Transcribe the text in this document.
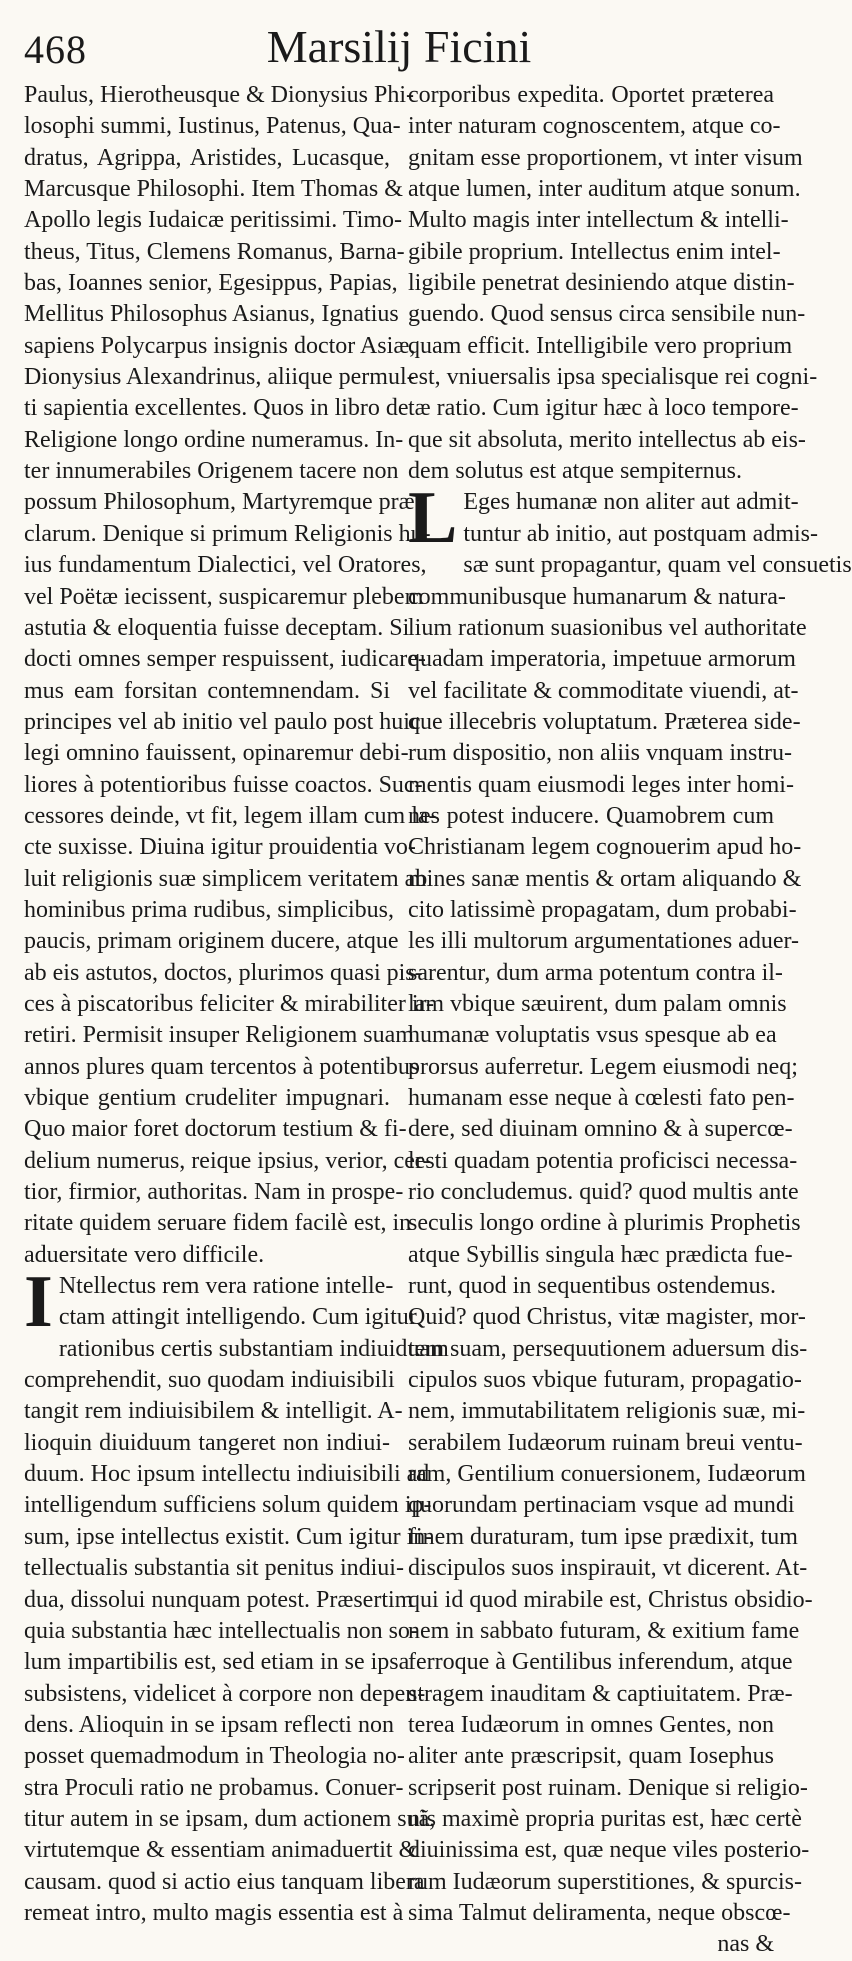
468	Marsilij Ficini
Paulus, Hierotheusque & Dionysius Phi-
losophi summi, Iustinus, Patenus, Qua-
dratus, Agrippa, Aristides, Lucasque,
Marcusque Philosophi. Item Thomas &
Apollo legis Iudaicæ peritissimi. Timo-
theus, Titus, Clemens Romanus, Barna-
bas, Ioannes senior, Egesippus, Papias,
Mellitus Philosophus Asianus, Ignatius
sapiens Polycarpus insignis doctor Asiæ,
Dionysius Alexandrinus, aliique permul-
ti sapientia excellentes. Quos in libro de
Religione longo ordine numeramus. In-
ter innumerabiles Origenem tacere non
possum Philosophum, Martyremque præ-
clarum. Denique si primum Religionis hu-
ius fundamentum Dialectici, vel Oratores,
vel Poëtæ iecissent, suspicaremur plebem
astutia & eloquentia fuisse deceptam. Si
docti omnes semper respuissent, iudicare-
mus eam forsitan contemnendam. Si
principes vel ab initio vel paulo post huic
legi omnino fauissent, opinaremur debi-
liores à potentioribus fuisse coactos. Suc-
cessores deinde, vt fit, legem illam cum la-
cte suxisse. Diuina igitur prouidentia vo-
luit religionis suæ simplicem veritatem ab
hominibus prima rudibus, simplicibus,
paucis, primam originem ducere, atque
ab eis astutos, doctos, plurimos quasi pis-
ces à piscatoribus feliciter & mirabiliter ir-
retiri. Permisit insuper Religionem suam
annos plures quam tercentos à potentibus
vbique gentium crudeliter impugnari.
Quo maior foret doctorum testium & fi-
delium numerus, reique ipsius, verior, cer-
tior, firmior, authoritas. Nam in prospe-
ritate quidem seruare fidem facilè est, in
aduersitate vero difficile.
I Ntellectus rem vera ratione intelle-
ctam attingit intelligendo. Cum igitur
rationibus certis substantiam indiuiduam
comprehendit, suo quodam indiuisibili
tangit rem indiuisibilem & intelligit. A-
lioquin diuiduum tangeret non indiui-
duum. Hoc ipsum intellectu indiuisibili ad
intelligendum sufficiens solum quidem ip-
sum, ipse intellectus existit. Cum igitur in-
tellectualis substantia sit penitus indiui-
dua, dissolui nunquam potest. Præsertim
quia substantia hæc intellectualis non so-
lum impartibilis est, sed etiam in se ipsa
subsistens, videlicet à corpore non depen-
dens. Alioquin in se ipsam reflecti non
posset quemadmodum in Theologia no-
stra Proculi ratio ne probamus. Conuer-
titur autem in se ipsam, dum actionem suã,
virtutemque & essentiam animaduertit &
causam. quod si actio eius tanquam libera
remeat intro, multo magis essentia est à
corporibus expedita. Oportet præterea
inter naturam cognoscentem, atque co-
gnitam esse proportionem, vt inter visum
atque lumen, inter auditum atque sonum.
Multo magis inter intellectum & intelli-
gibile proprium. Intellectus enim intel-
ligibile penetrat desiniendo atque distin-
guendo. Quod sensus circa sensibile nun-
quam efficit. Intelligibile vero proprium
est, vniuersalis ipsa specialisque rei cogni-
tæ ratio. Cum igitur hæc à loco tempore-
que sit absoluta, merito intellectus ab eis-
dem solutus est atque sempiternus.
L Eges humanæ non aliter aut admit-
tuntur ab initio, aut postquam admis-
sæ sunt propagantur, quam vel consuetis
communibusque humanarum & natura-
lium rationum suasionibus vel authoritate
quadam imperatoria, impetuue armorum
vel facilitate & commoditate viuendi, at-
que illecebris voluptatum. Præterea side-
rum dispositio, non aliis vnquam instru-
mentis quam eiusmodi leges inter homi-
nes potest inducere. Quamobrem cum
Christianam legem cognouerim apud ho-
mines sanæ mentis & ortam aliquando &
cito latissimè propagatam, dum probabi-
les illi multorum argumentationes aduer-
sarentur, dum arma potentum contra il-
lam vbique sæuirent, dum palam omnis
humanæ voluptatis vsus spesque ab ea
prorsus auferretur. Legem eiusmodi neq;
humanam esse neque à cœlesti fato pen-
dere, sed diuinam omnino & à supercœ-
lesti quadam potentia proficisci necessa-
rio concludemus. quid? quod multis ante
seculis longo ordine à plurimis Prophetis
atque Sybillis singula hæc prædicta fue-
runt, quod in sequentibus ostendemus.
Quid? quod Christus, vitæ magister, mor-
tem suam, persequutionem aduersum dis-
cipulos suos vbique futuram, propagatio-
nem, immutabilitatem religionis suæ, mi-
serabilem Iudæorum ruinam breui ventu-
ram, Gentilium conuersionem, Iudæorum
quorundam pertinaciam vsque ad mundi
finem duraturam, tum ipse prædixit, tum
discipulos suos inspirauit, vt dicerent. At-
qui id quod mirabile est, Christus obsidio-
nem in sabbato futuram, & exitium fame
ferroque à Gentilibus inferendum, atque
stragem inauditam & captiuitatem. Præ-
terea Iudæorum in omnes Gentes, non
aliter ante præscripsit, quam Iosephus
scripserit post ruinam. Denique si religio-
nis maximè propria puritas est, hæc certè
diuinissima est, quæ neque viles posterio-
rum Iudæorum superstitiones, & spurcis-
sima Talmut deliramenta, neque obscœ-
nas &
